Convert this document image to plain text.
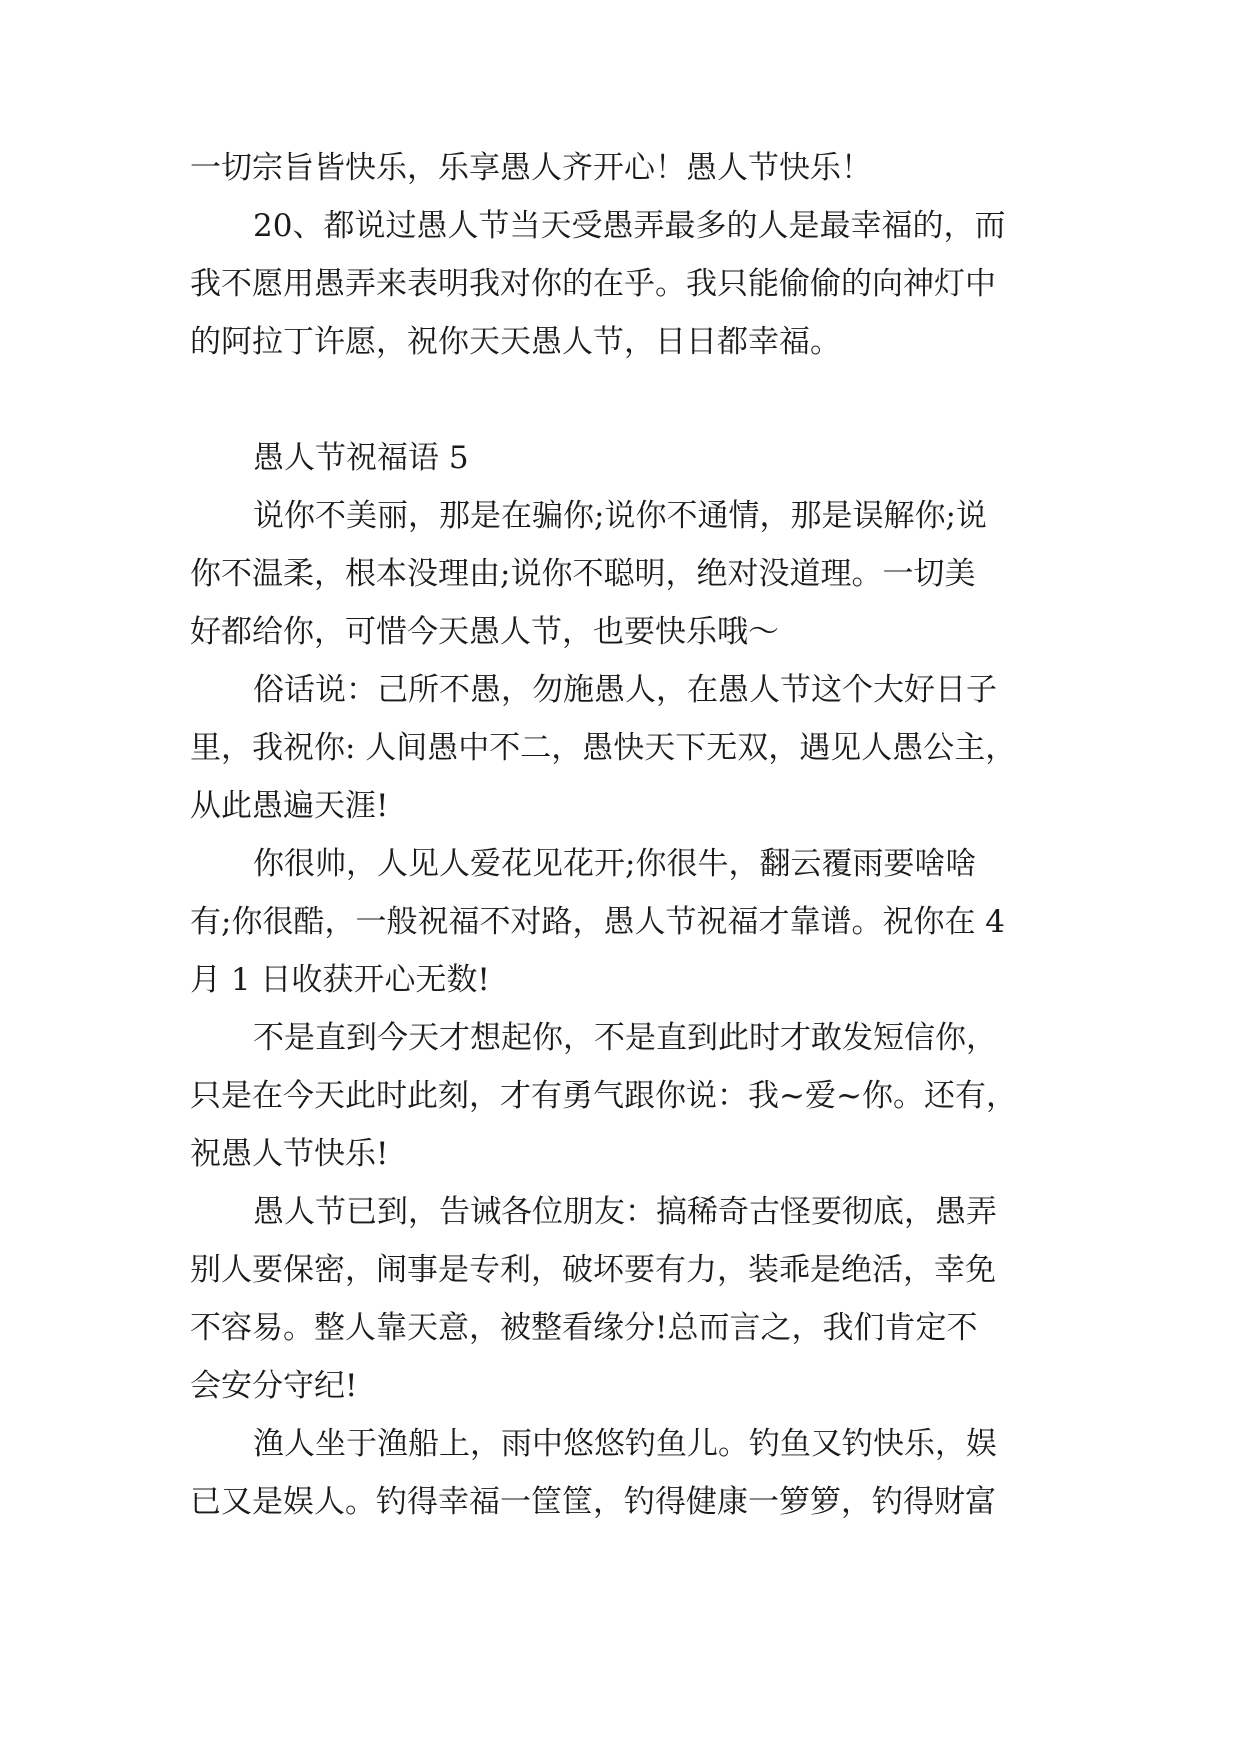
一切宗旨皆快乐，乐享愚人齐开心！愚人节快乐！
20、都说过愚人节当天受愚弄最多的人是最幸福的，而
我不愿用愚弄来表明我对你的在乎。我只能偷偷的向神灯中
的阿拉丁许愿，祝你天天愚人节，日日都幸福。
愚人节祝福语 5
说你不美丽，那是在骗你;说你不通情，那是误解你;说
你不温柔，根本没理由;说你不聪明，绝对没道理。一切美
好都给你，可惜今天愚人节，也要快乐哦～
俗话说：己所不愚，勿施愚人，在愚人节这个大好日子
里，我祝你: 人间愚中不二，愚快天下无双，遇见人愚公主，
从此愚遍天涯!
你很帅，人见人爱花见花开;你很牛，翻云覆雨要啥啥
有;你很酷，一般祝福不对路，愚人节祝福才靠谱。祝你在 4
月 1 日收获开心无数!
不是直到今天才想起你，不是直到此时才敢发短信你，
只是在今天此时此刻，才有勇气跟你说：我~爱~你。还有，
祝愚人节快乐!
愚人节已到，告诫各位朋友：搞稀奇古怪要彻底，愚弄
别人要保密，闹事是专利，破坏要有力，装乖是绝活，幸免
不容易。整人靠天意，被整看缘分!总而言之，我们肯定不
会安分守纪!
渔人坐于渔船上，雨中悠悠钓鱼儿。钓鱼又钓快乐，娱
已又是娱人。钓得幸福一筐筐，钓得健康一箩箩，钓得财富
